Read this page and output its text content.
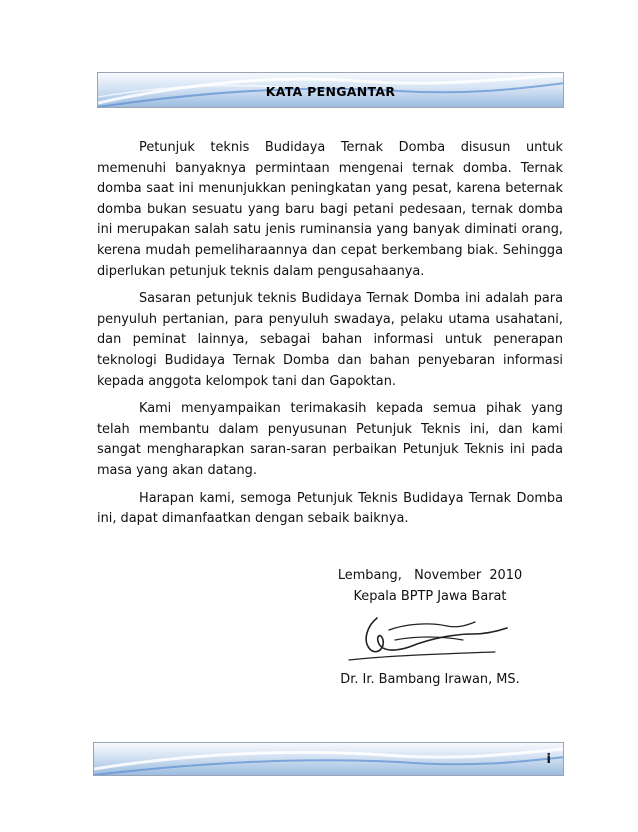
KATA PENGANTAR

Petunjuk teknis Budidaya Ternak Domba disusun untuk memenuhi banyaknya permintaan mengenai ternak domba. Ternak domba saat ini menunjukkan peningkatan yang pesat, karena beternak domba bukan sesuatu yang baru bagi petani pedesaan, ternak domba ini merupakan salah satu jenis ruminansia yang banyak diminati orang, kerena mudah pemeliharaannya dan cepat berkembang biak. Sehingga diperlukan petunjuk teknis dalam pengusahaanya.

Sasaran petunjuk teknis Budidaya Ternak Domba ini adalah para penyuluh pertanian, para penyuluh swadaya, pelaku utama usahatani, dan peminat lainnya, sebagai bahan informasi untuk penerapan teknologi Budidaya Ternak Domba dan bahan penyebaran informasi kepada anggota kelompok tani dan Gapoktan.

Kami menyampaikan terimakasih kepada semua pihak yang telah membantu dalam penyusunan Petunjuk Teknis ini, dan kami sangat mengharapkan saran-saran perbaikan Petunjuk Teknis ini pada masa yang akan datang.

Harapan kami, semoga Petunjuk Teknis Budidaya Ternak Domba ini, dapat dimanfaatkan dengan sebaik baiknya.

Lembang,   November  2010
Kepala BPTP Jawa Barat
Dr. Ir. Bambang Irawan, MS.
i
